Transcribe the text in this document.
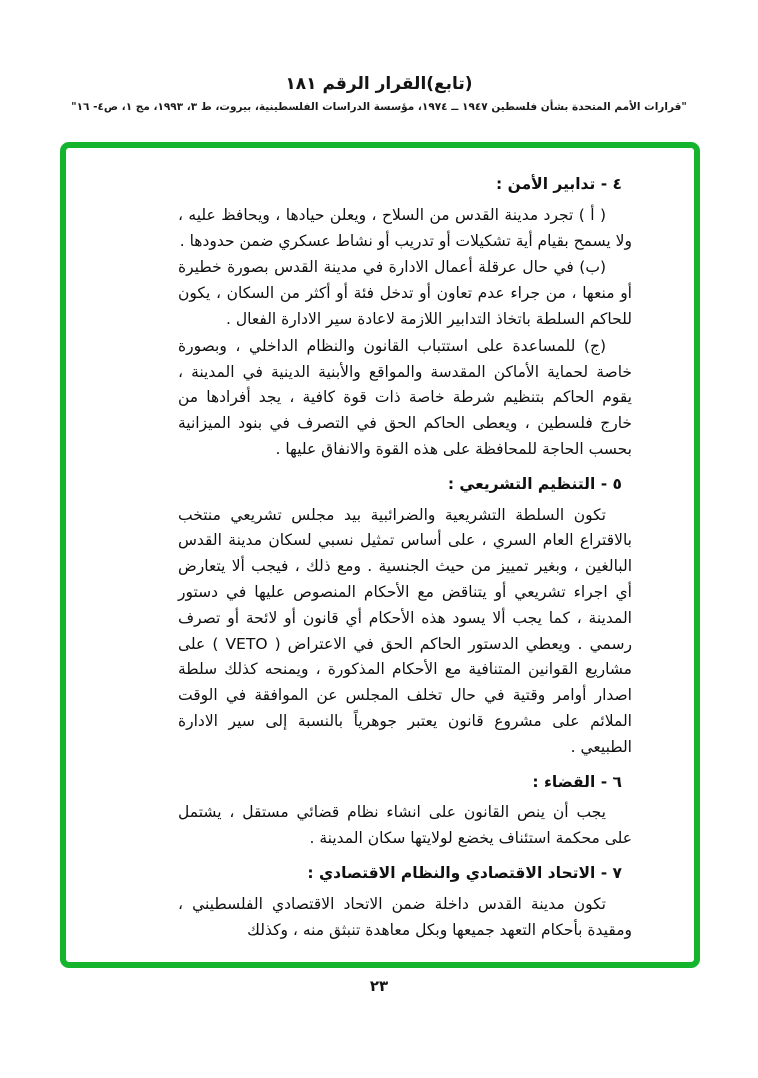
(تابع)القرار الرقم ١٨١
"قرارات الأمم المتحدة بشأن فلسطين ١٩٤٧ ــ ١٩٧٤، مؤسسة الدراسات الفلسطينية، بيروت، ط ٣، ١٩٩٣، مج ١، ص٤- ١٦"
٤ - تدابير الأمن :

( أ ) تجرد مدينة القدس من السلاح ، ويعلن حيادها ، ويحافظ عليه ، ولا يسمح بقيام أية تشكيلات أو تدريب أو نشاط عسكري ضمن حدودها .

(ب) في حال عرقلة أعمال الادارة في مدينة القدس بصورة خطيرة أو منعها ، من جراء عدم تعاون أو تدخل فئة أو أكثر من السكان ، يكون للحاكم السلطة باتخاذ التدابير اللازمة لاعادة سير الادارة الفعال .

(ج) للمساعدة على استتباب القانون والنظام الداخلي ، وبصورة خاصة لحماية الأماكن المقدسة والمواقع والأبنية الدينية في المدينة ، يقوم الحاكم بتنظيم شرطة خاصة ذات قوة كافية ، يجد أفرادها من خارج فلسطين ، ويعطى الحاكم الحق في التصرف في بنود الميزانية بحسب الحاجة للمحافظة على هذه القوة والانفاق عليها .

٥ - التنظيم التشريعي :

تكون السلطة التشريعية والضرائبية بيد مجلس تشريعي منتخب بالاقتراع العام السري ، على أساس تمثيل نسبي لسكان مدينة القدس البالغين ، وبغير تمييز من حيث الجنسية . ومع ذلك ، فيجب ألا يتعارض أي اجراء تشريعي أو يتناقض مع الأحكام المنصوص عليها في دستور المدينة ، كما يجب ألا يسود هذه الأحكام أي قانون أو لائحة أو تصرف رسمي . ويعطي الدستور الحاكم الحق في الاعتراض ( VETO ) على مشاريع القوانين المتنافية مع الأحكام المذكورة ، ويمنحه كذلك سلطة اصدار أوامر وقتية في حال تخلف المجلس عن الموافقة في الوقت الملائم على مشروع قانون يعتبر جوهرياً بالنسبة إلى سير الادارة الطبيعي .

٦ - القضاء :

يجب أن ينص القانون على انشاء نظام قضائي مستقل ، يشتمل على محكمة استئناف يخضع لولايتها سكان المدينة .

٧ - الاتحاد الاقتصادي والنظام الاقتصادي :

تكون مدينة القدس داخلة ضمن الاتحاد الاقتصادي الفلسطيني ، ومقيدة بأحكام التعهد جميعها وبكل معاهدة تنبثق منه ، وكذلك

٢٣
